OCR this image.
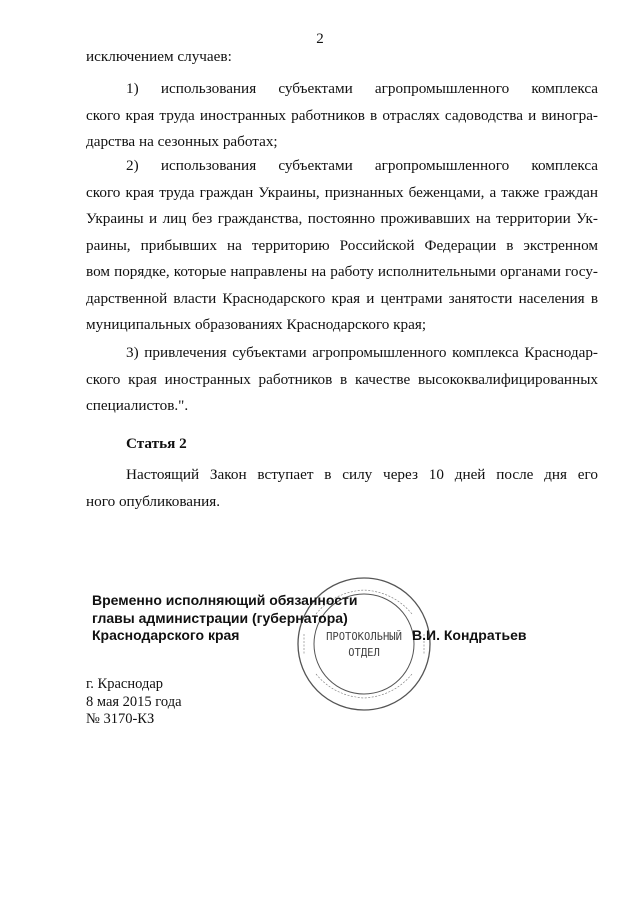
2
исключением случаев:
1) использования субъектами агропромышленного комплекса
ского края труда иностранных работников в отраслях садоводства и виногра-
дарства на сезонных работах;
2) использования субъектами агропромышленного комплекса
ского края труда граждан Украины, признанных беженцами, а также граждан
Украины и лиц без гражданства, постоянно проживавших на территории Ук-
раины, прибывших на территорию Российской Федерации в экстренном
вом порядке, которые направлены на работу исполнительными органами госу-
дарственной власти Краснодарского края и центрами занятости населения в
муниципальных образованиях Краснодарского края;
3) привлечения субъектами агропромышленного комплекса Краснодар-
ского края иностранных работников в качестве высококвалифицированных
специалистов.".
Статья 2
Настоящий Закон вступает в силу через 10 дней после дня его
ного опубликования.
ПРОТОКОЛЬНЫЙ
ОТДЕЛ
Временно исполняющий обязанности
главы администрации (губернатора)
Краснодарского края	В.И. Кондратьев
г. Краснодар
8 мая 2015 года
№ 3170-КЗ
